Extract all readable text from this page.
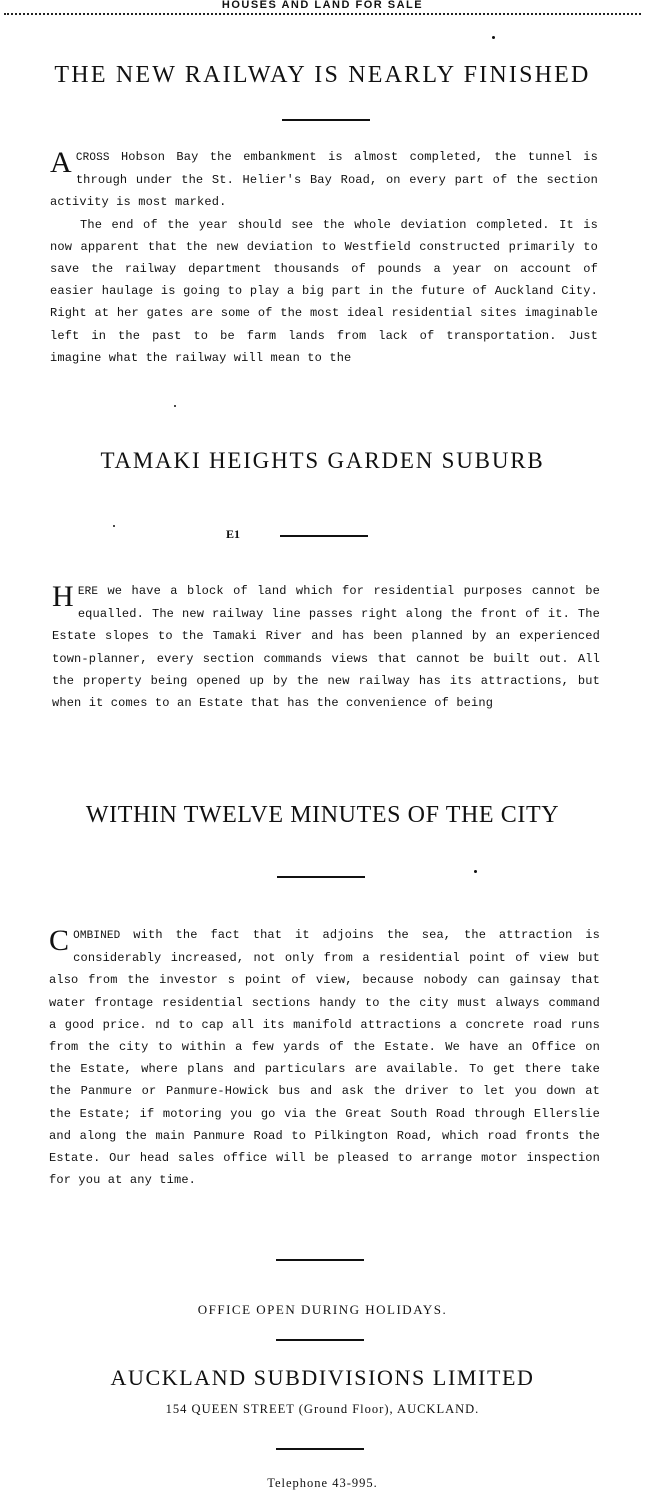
HOUSES AND LAND FOR SALE
THE NEW RAILWAY IS NEARLY FINISHED
ACROSS Hobson Bay the embankment is almost completed, the tunnel is through under the St. Helier's Bay Road, on every part of the section activity is most marked.
The end of the year should see the whole deviation completed. It is now apparent that the new deviation to Westfield constructed primarily to save the railway department thousands of pounds a year on account of easier haulage is going to play a big part in the future of Auckland City. Right at her gates are some of the most ideal residential sites imaginable left in the past to be farm lands from lack of transportation. Just imagine what the railway will mean to the
TAMAKI HEIGHTS GARDEN SUBURB
E1
HERE we have a block of land which for residential purposes cannot be equalled. The new railway line passes right along the front of it. The Estate slopes to the Tamaki River and has been planned by an experienced town-planner, every section commands views that cannot be built out. All the property being opened up by the new railway has its attractions, but when it comes to an Estate that has the convenience of being
WITHIN TWELVE MINUTES OF THE CITY
COMBINED with the fact that it adjoins the sea, the attraction is considerably increased, not only from a residential point of view but also from the investor s point of view, because nobody can gainsay that water frontage residential sections handy to the city must always command a good price. nd to cap all its manifold attractions a concrete road runs from the city to within a few yards of the Estate. We have an Office on the Estate, where plans and particulars are available. To get there take the Panmure or Panmure-Howick bus and ask the driver to let you down at the Estate; if motoring you go via the Great South Road through Ellerslie and along the main Panmure Road to Pilkington Road, which road fronts the Estate. Our head sales office will be pleased to arrange motor inspection for you at any time.
OFFICE OPEN DURING HOLIDAYS.
AUCKLAND SUBDIVISIONS LIMITED
154 QUEEN STREET (Ground Floor), AUCKLAND.
Telephone 43-995.
